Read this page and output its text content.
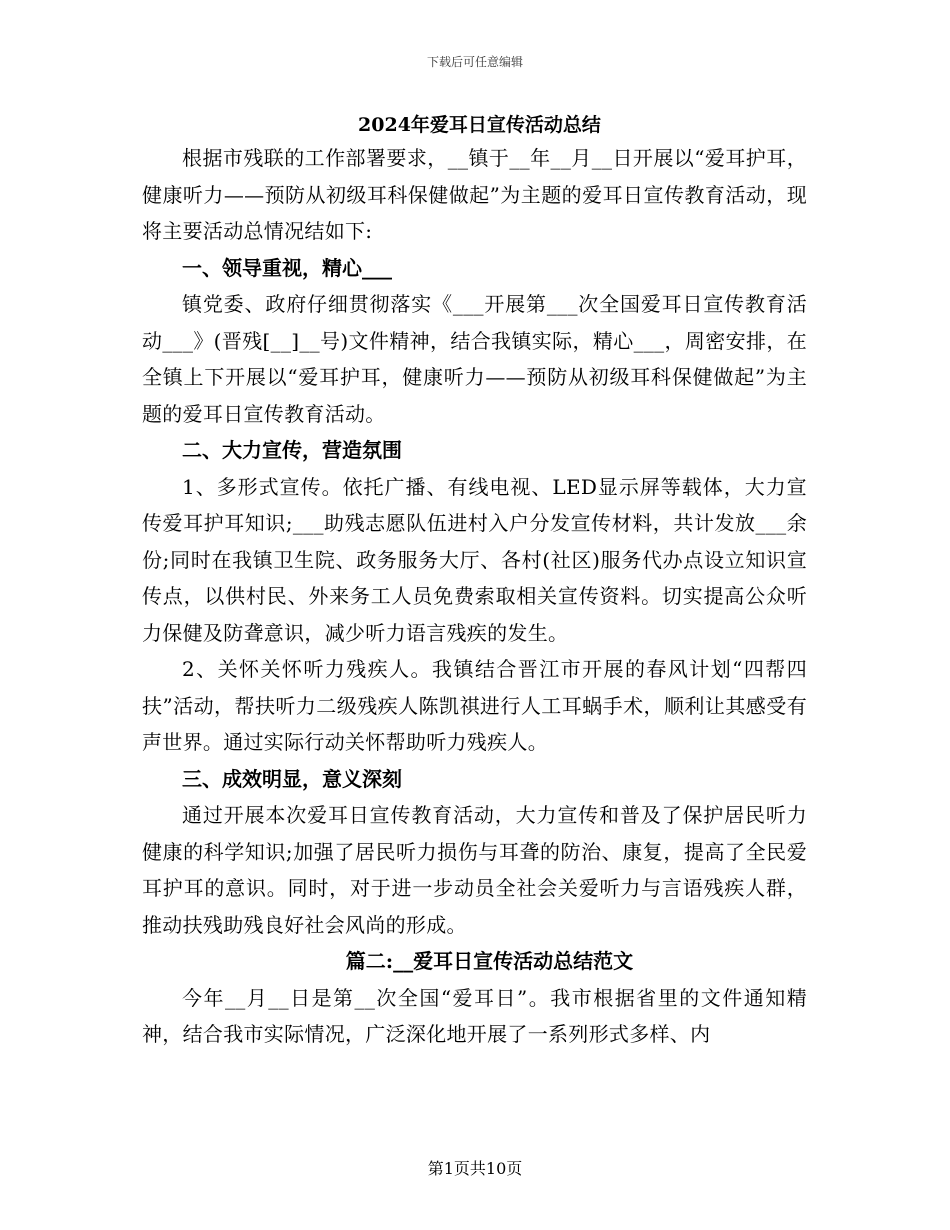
下载后可任意编辑
2024年爱耳日宣传活动总结

根据市残联的工作部署要求，__镇于__年__月__日开展以“爱耳护耳，健康听力——预防从初级耳科保健做起”为主题的爱耳日宣传教育活动，现将主要活动总情况结如下:

一、领导重视，精心___

镇党委、政府仔细贯彻落实《___开展第___次全国爱耳日宣传教育活动___》(晋残[__]__号)文件精神，结合我镇实际，精心___，周密安排，在全镇上下开展以“爱耳护耳，健康听力——预防从初级耳科保健做起”为主题的爱耳日宣传教育活动。

二、大力宣传，营造氛围

1、多形式宣传。依托广播、有线电视、LED显示屏等载体，大力宣传爱耳护耳知识;___助残志愿队伍进村入户分发宣传材料，共计发放___余份;同时在我镇卫生院、政务服务大厅、各村(社区)服务代办点设立知识宣传点，以供村民、外来务工人员免费索取相关宣传资料。切实提高公众听力保健及防聋意识，减少听力语言残疾的发生。

2、关怀关怀听力残疾人。我镇结合晋江市开展的春风计划“四帮四扶”活动，帮扶听力二级残疾人陈凯祺进行人工耳蜗手术，顺利让其感受有声世界。通过实际行动关怀帮助听力残疾人。

三、成效明显，意义深刻

通过开展本次爱耳日宣传教育活动，大力宣传和普及了保护居民听力健康的科学知识;加强了居民听力损伤与耳聋的防治、康复，提高了全民爱耳护耳的意识。同时，对于进一步动员全社会关爱听力与言语残疾人群，推动扶残助残良好社会风尚的形成。

篇二:__爱耳日宣传活动总结范文

今年__月__日是第__次全国“爱耳日”。我市根据省里的文件通知精神，结合我市实际情况，广泛深化地开展了一系列形式多样、内

第1页共10页
